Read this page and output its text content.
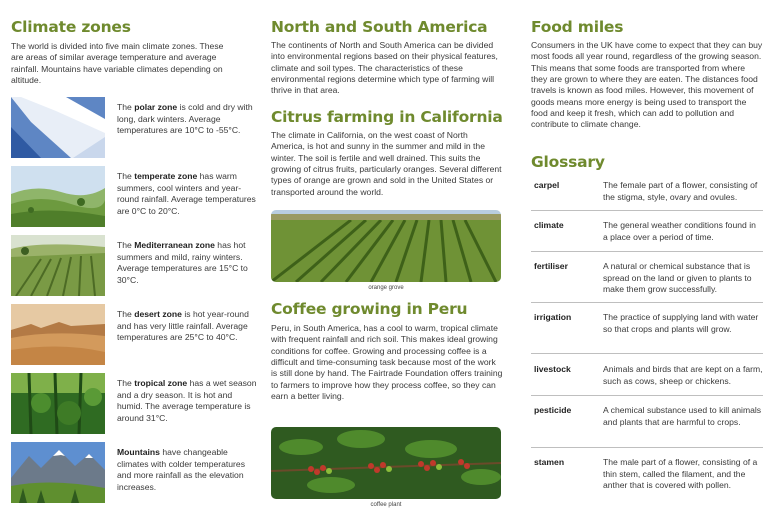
Climate zones

The world is divided into five main climate zones. These are areas of similar average temperature and average rainfall. Mountains have variable climates depending on altitude.

The polar zone is cold and dry with long, dark winters. Average temperatures are 10°C to -55°C.
The temperate zone has warm summers, cool winters and year-round rainfall. Average temperatures are 0°C to 20°C.
The Mediterranean zone has hot summers and mild, rainy winters. Average temperatures are 15°C to 30°C.
The desert zone is hot year-round and has very little rainfall. Average temperatures are 25°C to 40°C.
The tropical zone has a wet season and a dry season. It is hot and humid. The average temperature is around 31°C.
Mountains have changeable climates with colder temperatures and more rainfall as the elevation increases.
North and South America

The continents of North and South America can be divided into environmental regions based on their physical features, climate and soil types. The characteristics of these environmental regions determine which type of farming will thrive in that area.

Citrus farming in California

The climate in California, on the west coast of North America, is hot and sunny in the summer and mild in the winter. The soil is fertile and well drained. This suits the growing of citrus fruits, particularly oranges. Several different types of orange are grown and sold in the United States or transported around the world.

orange grove
Coffee growing in Peru

Peru, in South America, has a cool to warm, tropical climate with frequent rainfall and rich soil. This makes ideal growing conditions for coffee. Growing and processing coffee is a difficult and time-consuming task because most of the work is still done by hand. The Fairtrade Foundation offers training to farmers to improve how they process coffee, so they can earn a better living.

coffee plant
Food miles

Consumers in the UK have come to expect that they can buy most foods all year round, regardless of the growing season. This means that some foods are transported from where they are grown to where they are eaten. The distances food travels is known as food miles. However, this movement of goods means more energy is being used to transport the food and keep it fresh, which can add to pollution and contribute to climate change.

Glossary
carpel	The female part of a flower, consisting of the stigma, style, ovary and ovules.
climate	The general weather conditions found in a place over a period of time.
fertiliser	A natural or chemical substance that is spread on the land or given to plants to make them grow successfully.
irrigation	The practice of supplying land with water so that crops and plants will grow.
livestock	Animals and birds that are kept on a farm, such as cows, sheep or chickens.
pesticide	A chemical substance used to kill animals and plants that are harmful to crops.
stamen	The male part of a flower, consisting of a thin stem, called the filament, and the anther that is covered with pollen.
